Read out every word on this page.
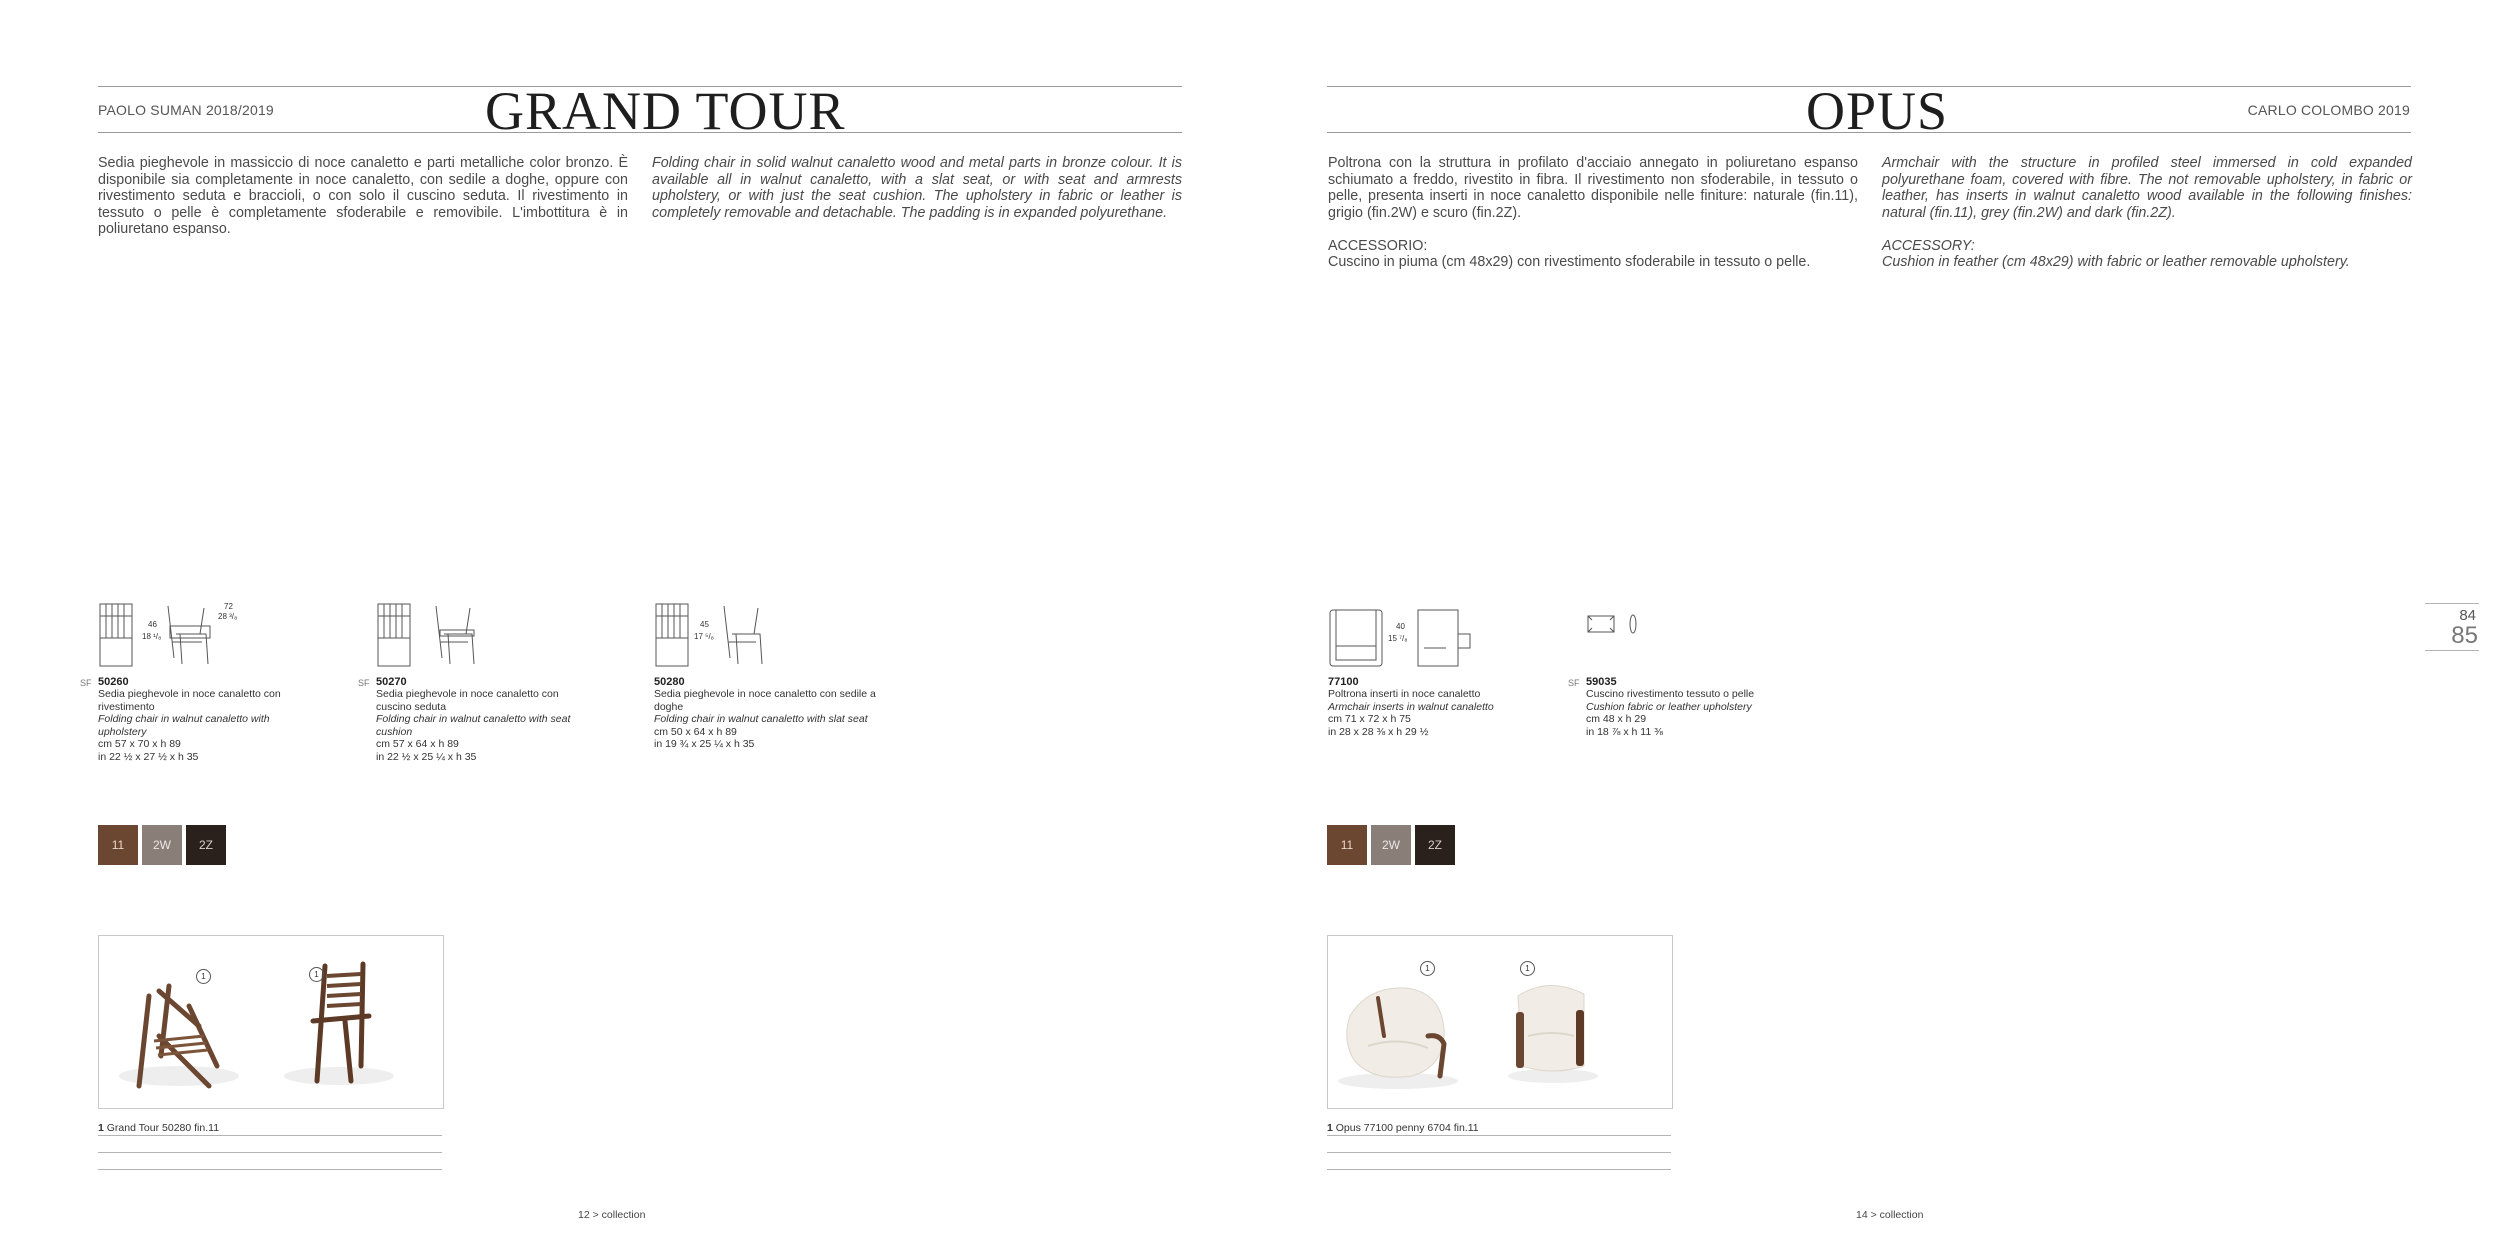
PAOLO SUMAN 2018/2019	GRAND TOUR
Sedia pieghevole in massiccio di noce canaletto e parti metalliche color bronzo. È disponibile sia completamente in noce canaletto, con sedile a doghe, oppure con rivestimento seduta e braccioli, o con solo il cuscino seduta. Il rivestimento in tessuto o pelle è completamente sfoderabile e removibile. L'imbottitura è in poliuretano espanso.
Folding chair in solid walnut canaletto wood and metal parts in bronze colour. It is available all in walnut canaletto, with a slat seat, or with seat and armrests upholstery, or with just the seat cushion. The upholstery in fabric or leather is completely removable and detachable. The padding is in expanded polyurethane.
46
18 ¹/₈
72
28 ³/₈
SF 50260
Sedia pieghevole in noce canaletto con rivestimento
Folding chair in walnut canaletto with upholstery
cm 57 x 70 x h 89
in 22 ½ x 27 ½ x h 35
SF 50270
Sedia pieghevole in noce canaletto con cuscino seduta
Folding chair in walnut canaletto with seat cushion
cm 57 x 64 x h 89
in 22 ½ x 25 ¼ x h 35
45
17 ⁵/₈
50280
Sedia pieghevole in noce canaletto con sedile a doghe
Folding chair in walnut canaletto with slat seat
cm 50 x 64 x h 89
in 19 ¾ x 25 ¼ x h 35
11 2W 2Z
1	1
1 Grand Tour 50280 fin.11
12 > collection
OPUS	CARLO COLOMBO 2019

Poltrona con la struttura in profilato d'acciaio annegato in poliuretano espanso schiumato a freddo, rivestito in fibra. Il rivestimento non sfoderabile, in tessuto o pelle, presenta inserti in noce canaletto disponibile nelle finiture: naturale (fin.11), grigio (fin.2W) e scuro (fin.2Z).

ACCESSORIO:

Cuscino in piuma (cm 48x29) con rivestimento sfoderabile in tessuto o pelle.

Armchair with the structure in profiled steel immersed in cold expanded polyurethane foam, covered with fibre. The not removable upholstery, in fabric or leather, has inserts in walnut canaletto wood available in the following finishes: natural (fin.11), grey (fin.2W) and dark (fin.2Z).

ACCESSORY:

Cushion in feather (cm 48x29) with fabric or leather removable upholstery.

40
15 ⁷/₈
77100
Poltrona inserti in noce canaletto
Armchair inserts in walnut canaletto
cm 71 x 72 x h 75
in 28 x 28 ⅜ x h 29 ½
SF 59035
Cuscino rivestimento tessuto o pelle
Cushion fabric or leather upholstery
cm 48 x h 29
in 18 ⅞ x h 11 ⅜
11 2W 2Z
1	1
1 Opus 77100 penny 6704 fin.11
14 > collection
84
85
